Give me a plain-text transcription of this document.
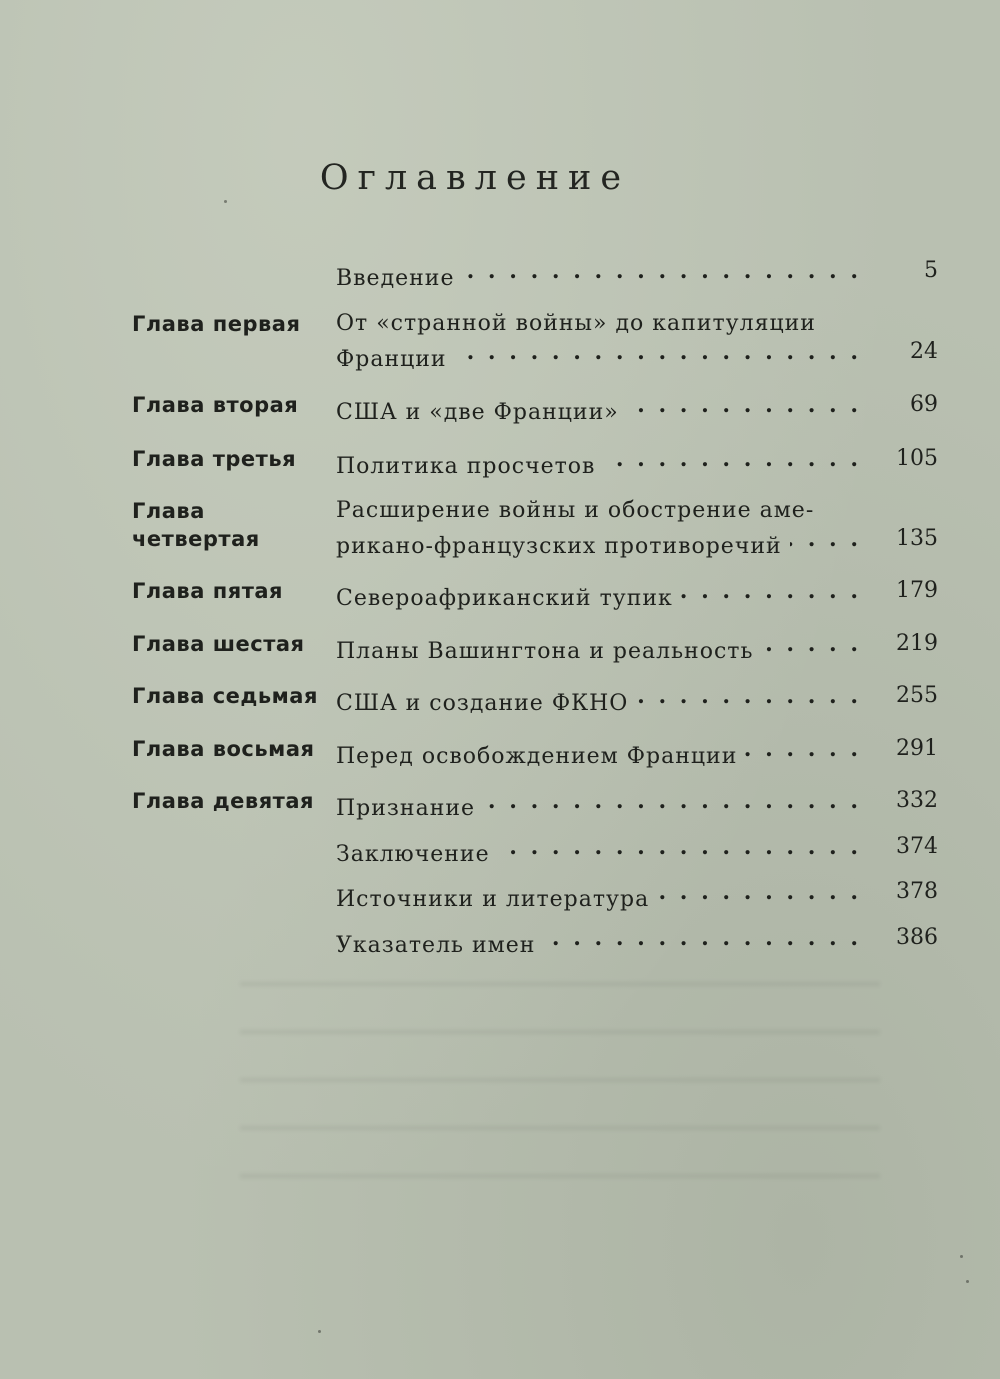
Оглавление
Введение . . .	5
Глава первая	От «странной войны» до капитуляции
Франции . . .	24
Глава вторая	США и «две Франции» . . .	69
Глава третья	Политика просчетов . . .	105
Глава четвертая
Расширение войны и обострение аме-
рикано-французских противоречий . . .	135
Глава пятая	Североафриканский тупик . . .	179
Глава шестая	Планы Вашингтона и реальность . . .	219
Глава седьмая США и создание ФКНО . . .	255
Глава восьмая Перед освобождением Франции . . .	291
Глава девятая Признание . . .	332
Заключение . . .	374
Источники и литература . . .	378
Указатель имен . . .	386
